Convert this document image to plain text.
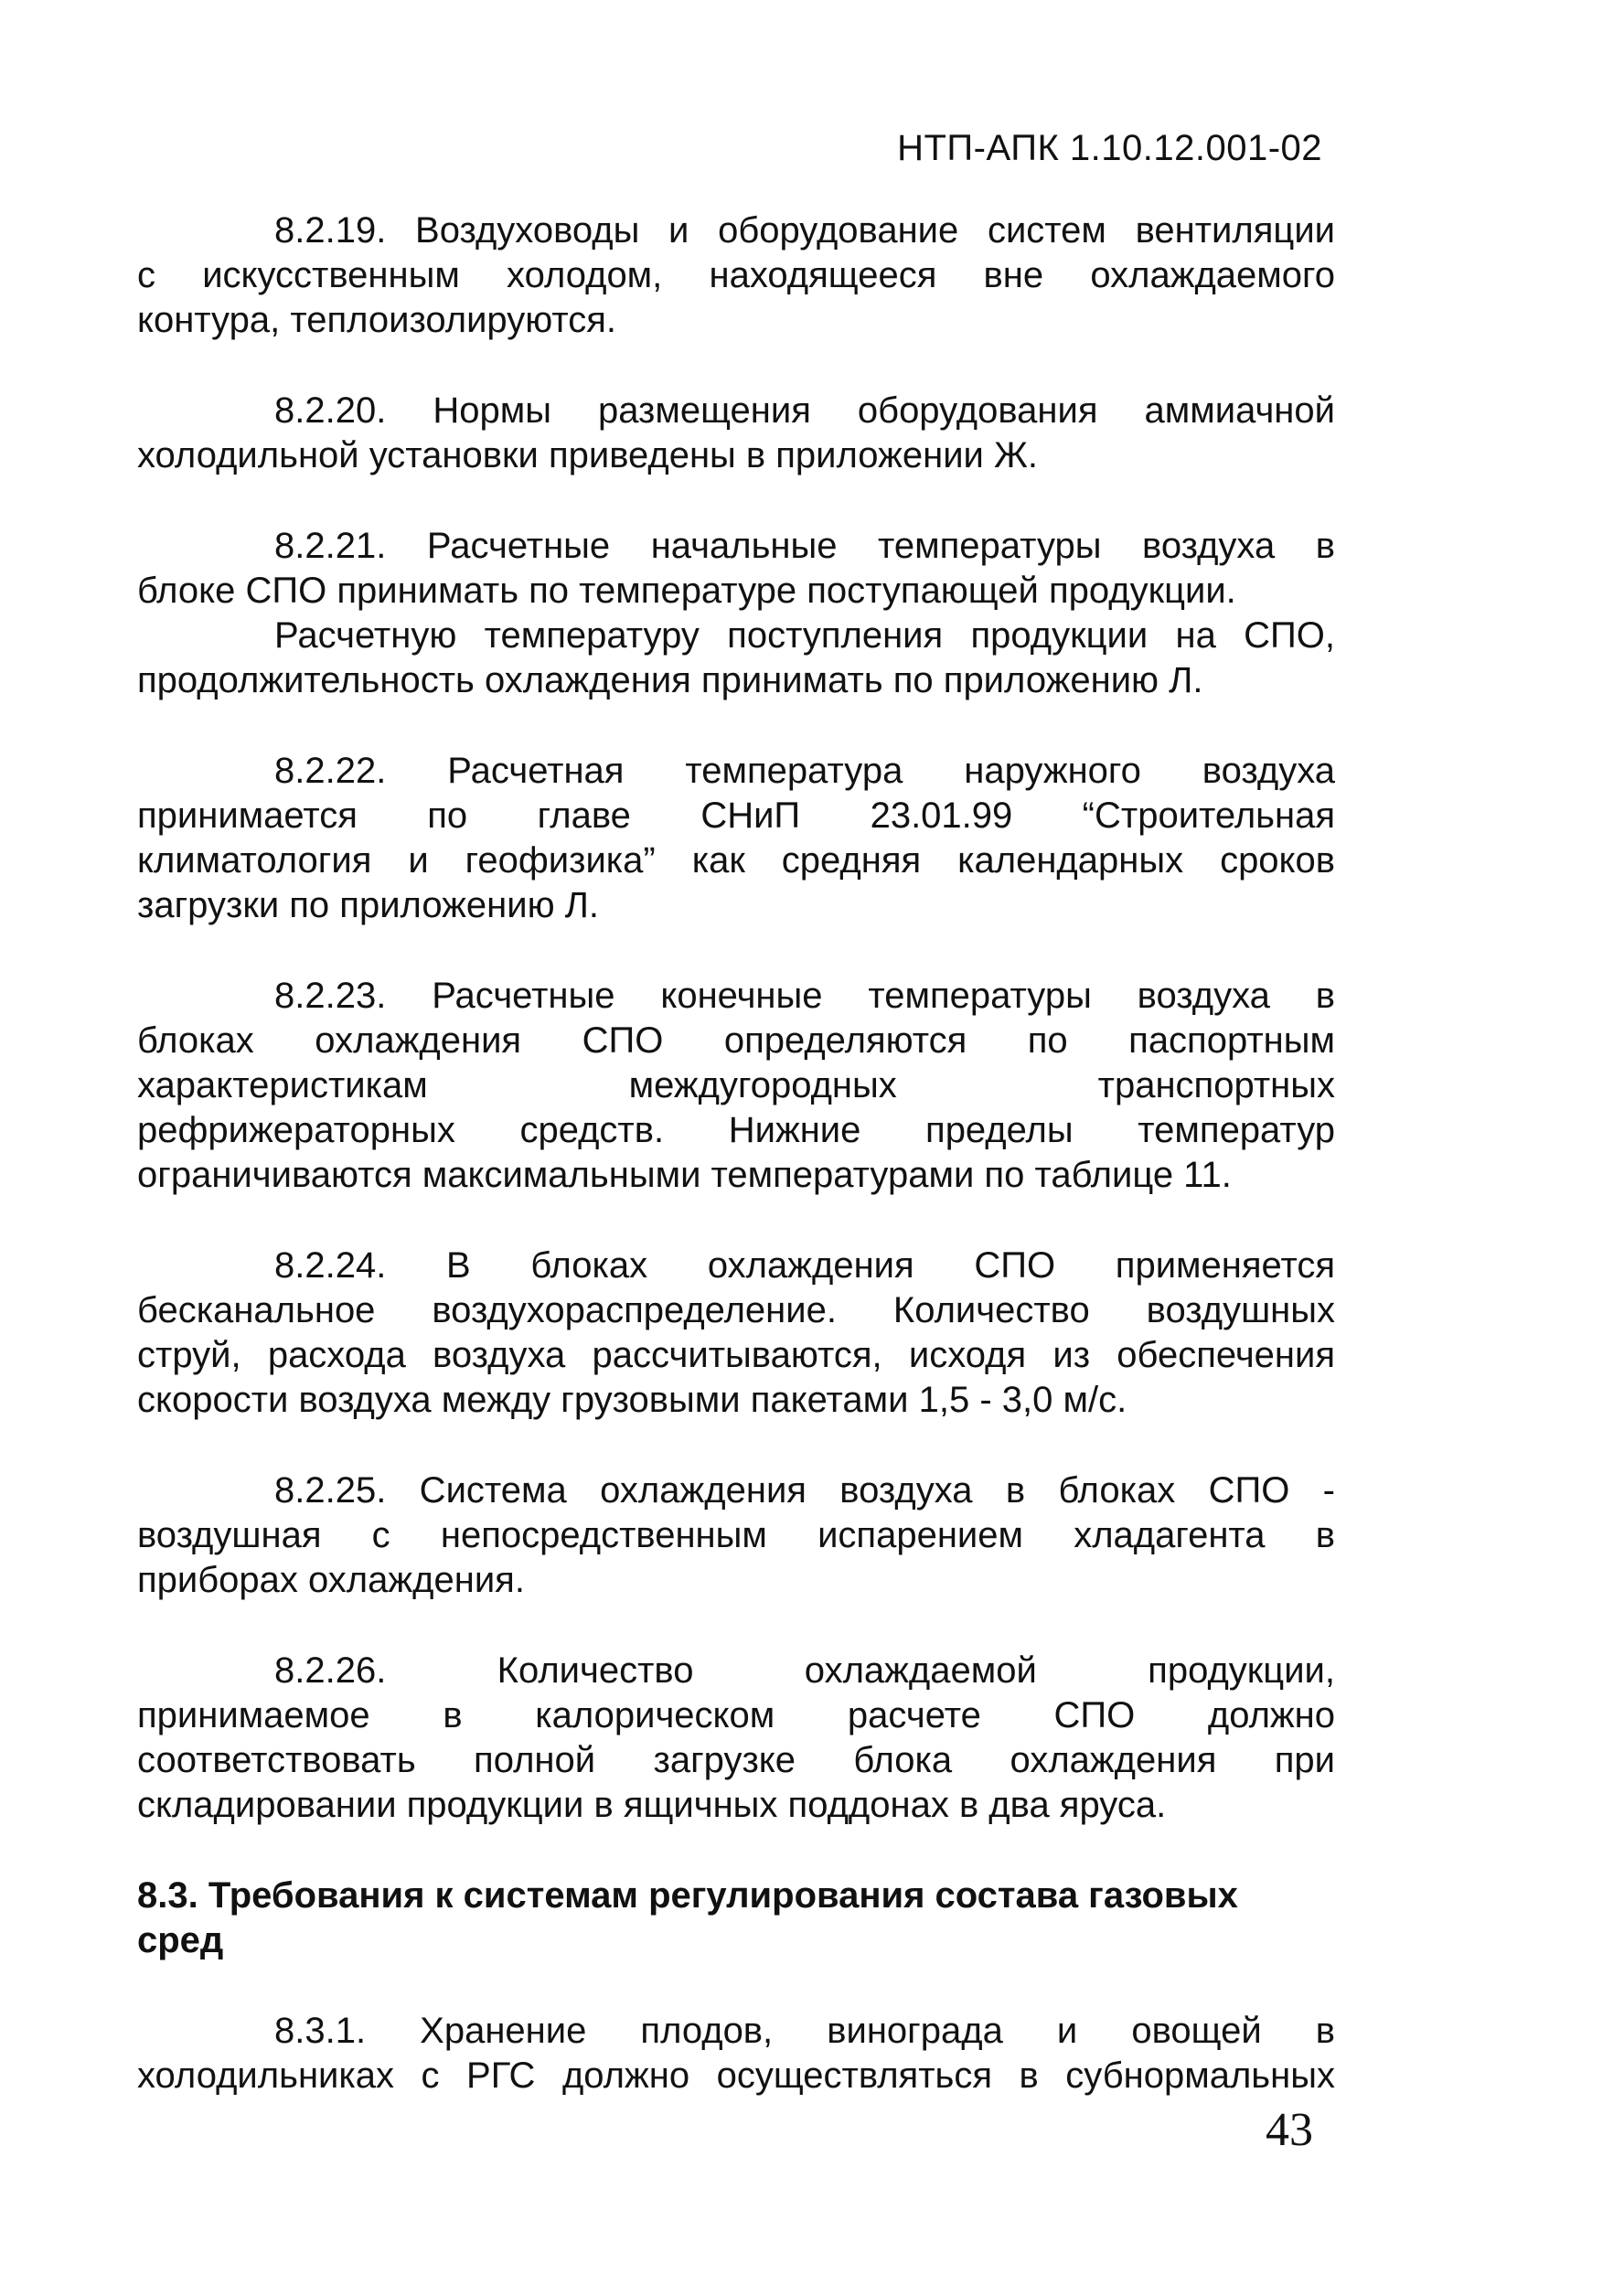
НТП-АПК 1.10.12.001-02

8.2.19. Воздуховоды и оборудование систем вентиляции
с искусственным холодом, находящееся вне охлаждаемого
контура, теплоизолируются.

8.2.20. Нормы размещения оборудования аммиачной
холодильной установки приведены в приложении Ж.

8.2.21. Расчетные начальные температуры воздуха в
блоке СПО принимать по температуре поступающей продукции.
Расчетную температуру поступления продукции на СПО,
продолжительность охлаждения принимать по приложению Л.

8.2.22. Расчетная температура наружного воздуха
принимается по главе СНиП 23.01.99 “Строительная
климатология и геофизика” как средняя календарных сроков
загрузки по приложению Л.

8.2.23. Расчетные конечные температуры воздуха в
блоках охлаждения СПО определяются по паспортным
характеристикам междугородных транспортных
рефрижераторных средств. Нижние пределы температур
ограничиваются максимальными температурами по таблице 11.

8.2.24. В блоках охлаждения СПО применяется
бесканальное воздухораспределение. Количество воздушных
струй, расхода воздуха рассчитываются, исходя из обеспечения
скорости воздуха между грузовыми пакетами 1,5 - 3,0 м/с.

8.2.25. Система охлаждения воздуха в блоках СПО -
воздушная с непосредственным испарением хладагента в
приборах охлаждения.

8.2.26. Количество охлаждаемой продукции,
принимаемое в калорическом расчете СПО должно
соответствовать полной загрузке блока охлаждения при
складировании продукции в ящичных поддонах в два яруса.

8.3. Требования к системам регулирования состава газовых
сред

8.3.1. Хранение плодов, винограда и овощей в
холодильниках с РГС должно осуществляться в субнормальных

43
